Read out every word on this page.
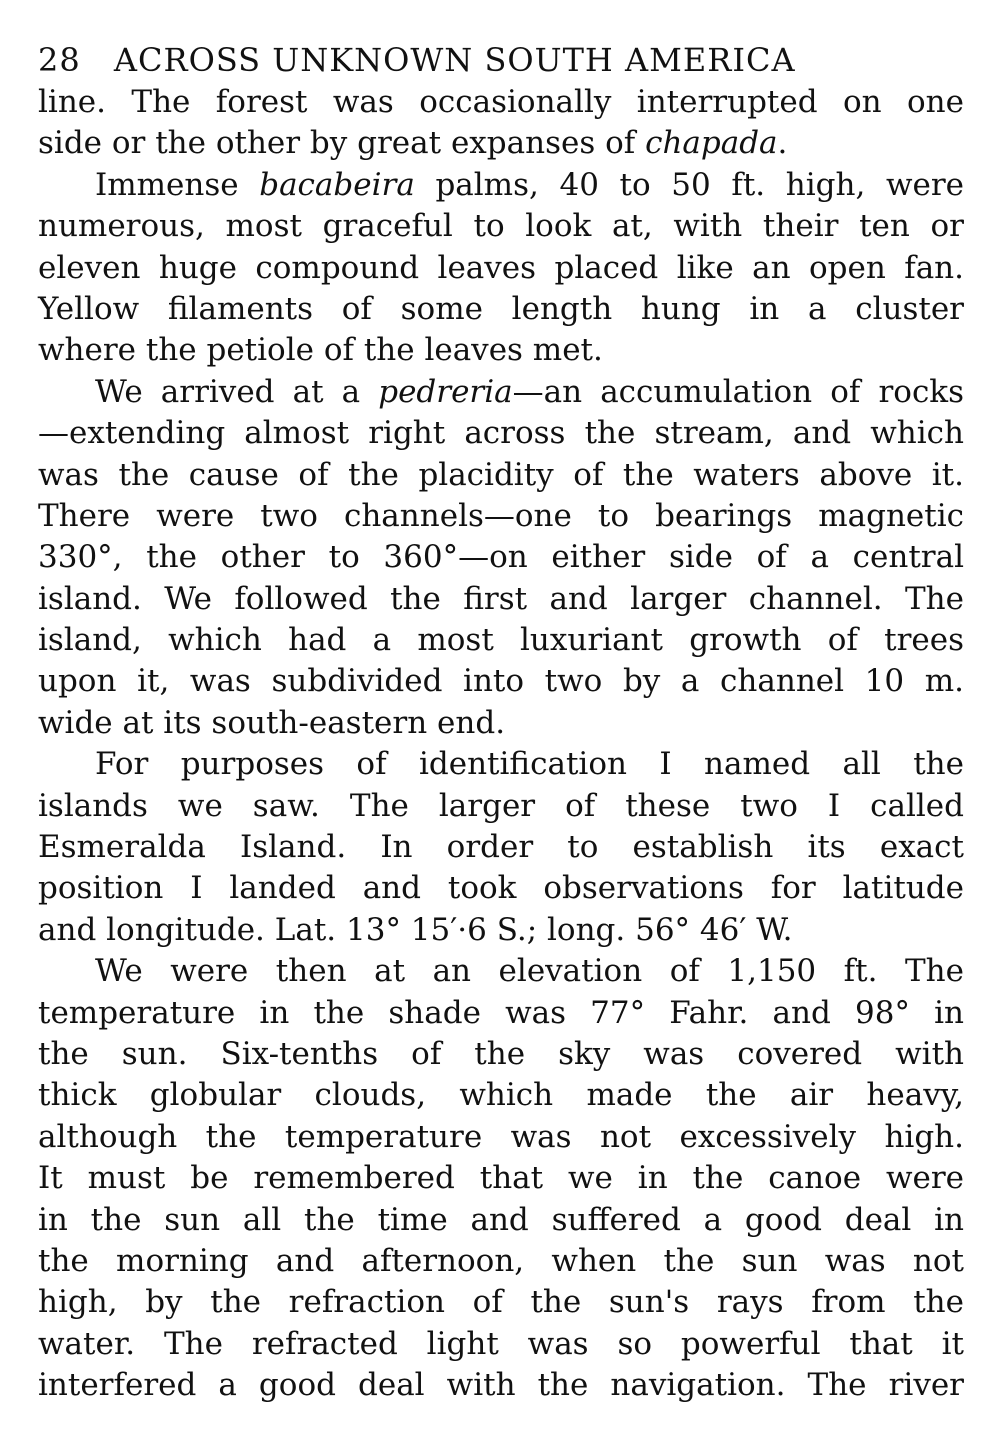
28 ACROSS UNKNOWN SOUTH AMERICA
line. The forest was occasionally interrupted on one
side or the other by great expanses of chapada.
Immense bacabeira palms, 40 to 50 ft. high, were
numerous, most graceful to look at, with their ten or
eleven huge compound leaves placed like an open fan.
Yellow filaments of some length hung in a cluster
where the petiole of the leaves met.
We arrived at a pedreria—an accumulation of rocks
—extending almost right across the stream, and which
was the cause of the placidity of the waters above it.
There were two channels—one to bearings magnetic
330°, the other to 360°—on either side of a central
island. We followed the first and larger channel. The
island, which had a most luxuriant growth of trees
upon it, was subdivided into two by a channel 10 m.
wide at its south-eastern end.
For purposes of identification I named all the
islands we saw. The larger of these two I called
Esmeralda Island. In order to establish its exact
position I landed and took observations for latitude
and longitude. Lat. 13° 15′·6 S.; long. 56° 46′ W.
We were then at an elevation of 1,150 ft. The
temperature in the shade was 77° Fahr. and 98° in
the sun. Six-tenths of the sky was covered with
thick globular clouds, which made the air heavy,
although the temperature was not excessively high.
It must be remembered that we in the canoe were
in the sun all the time and suffered a good deal in
the morning and afternoon, when the sun was not
high, by the refraction of the sun's rays from the
water. The refracted light was so powerful that it
interfered a good deal with the navigation. The river
